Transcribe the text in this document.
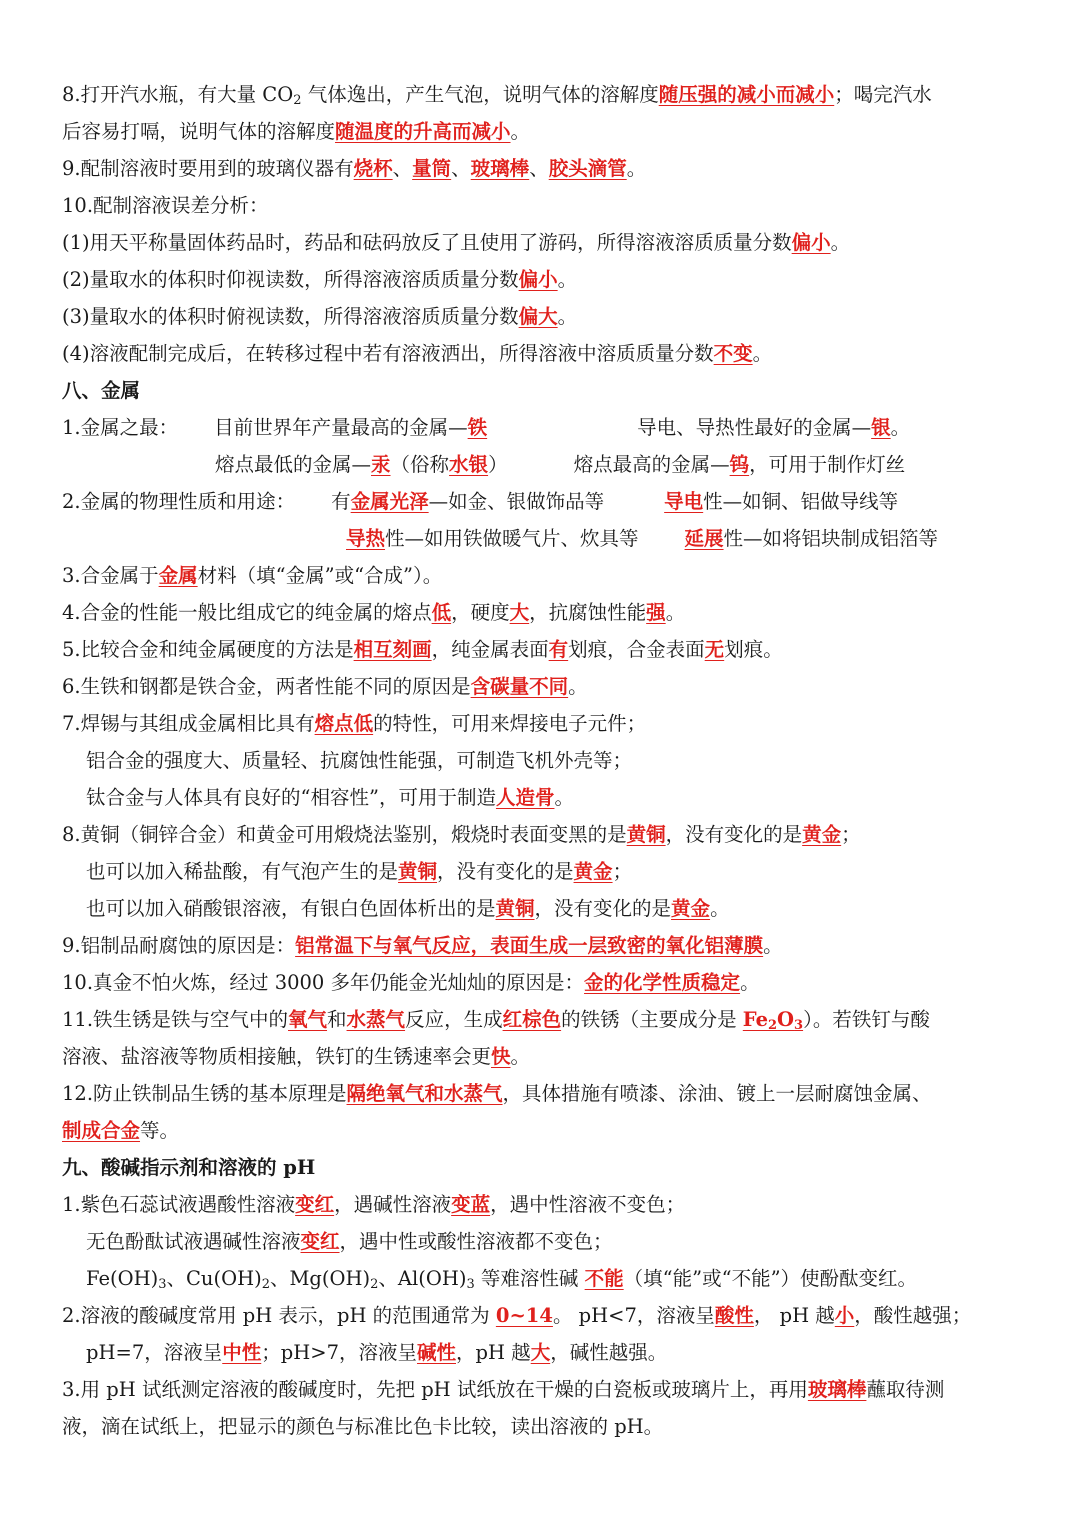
8.打开汽水瓶，有大量 $CO_2$ 气体逸出，产生气泡，说明气体的溶解度随压强的减小而减小；喝完汽水
后容易打嗝，说明气体的溶解度随温度的升高而减小。
9.配制溶液时要用到的玻璃仪器有烧杯、量筒、玻璃棒、胶头滴管。
10.配制溶液误差分析：
(1)用天平称量固体药品时，药品和砝码放反了且使用了游码，所得溶液溶质质量分数偏小。
(2)量取水的体积时仰视读数，所得溶液溶质质量分数偏小。
(3)量取水的体积时俯视读数，所得溶液溶质质量分数偏大。
(4)溶液配制完成后，在转移过程中若有溶液洒出，所得溶液中溶质质量分数不变。
八、金属
1.金属之最： 目前世界年产量最高的金属—铁	导电、导热性最好的金属—银。
熔点最低的金属—汞（俗称水银）	熔点最高的金属—钨，可用于制作灯丝
2.金属的物理性质和用途： 有金属光泽—如金、银做饰品等	导电性—如铜、铝做导线等
导热性—如用铁做暖气片、炊具等 延展性—如将铝块制成铝箔等
3.合金属于金属材料（填“金属”或“合成”）。
4.合金的性能一般比组成它的纯金属的熔点低，硬度大，抗腐蚀性能强。
5.比较合金和纯金属硬度的方法是相互刻画，纯金属表面有划痕，合金表面无划痕。
6.生铁和钢都是铁合金，两者性能不同的原因是含碳量不同。
7.焊锡与其组成金属相比具有熔点低的特性，可用来焊接电子元件；
铝合金的强度大、质量轻、抗腐蚀性能强，可制造飞机外壳等；
钛合金与人体具有良好的“相容性”，可用于制造人造骨。
8.黄铜（铜锌合金）和黄金可用煅烧法鉴别，煅烧时表面变黑的是黄铜，没有变化的是黄金；
也可以加入稀盐酸，有气泡产生的是黄铜，没有变化的是黄金；
也可以加入硝酸银溶液，有银白色固体析出的是黄铜，没有变化的是黄金。
9.铝制品耐腐蚀的原因是：铝常温下与氧气反应，表面生成一层致密的氧化铝薄膜。
10.真金不怕火炼，经过 3000 多年仍能金光灿灿的原因是：金的化学性质稳定。
11.铁生锈是铁与空气中的氧气和水蒸气反应，生成红棕色的铁锈（主要成分是 $Fe_2O_3$）。若铁钉与酸
溶液、盐溶液等物质相接触，铁钉的生锈速率会更快。
12.防止铁制品生锈的基本原理是隔绝氧气和水蒸气，具体措施有喷漆、涂油、镀上一层耐腐蚀金属、
制成合金等。
九、酸碱指示剂和溶液的 pH
1.紫色石蕊试液遇酸性溶液变红，遇碱性溶液变蓝，遇中性溶液不变色；
无色酚酞试液遇碱性溶液变红，遇中性或酸性溶液都不变色；
$Fe(OH)_3$、$Cu(OH)_2$、$Mg(OH)_2$、$Al(OH)_3$ 等难溶性碱 不能（填“能”或“不能”）使酚酞变红。
2.溶液的酸碱度常用 pH 表示，pH 的范围通常为 0~14。 pH<7，溶液呈酸性， pH 越小，酸性越强；
pH=7，溶液呈中性；pH>7，溶液呈碱性，pH 越大，碱性越强。
3.用 pH 试纸测定溶液的酸碱度时，先把 pH 试纸放在干燥的白瓷板或玻璃片上，再用玻璃棒蘸取待测
液，滴在试纸上，把显示的颜色与标准比色卡比较，读出溶液的 pH。
